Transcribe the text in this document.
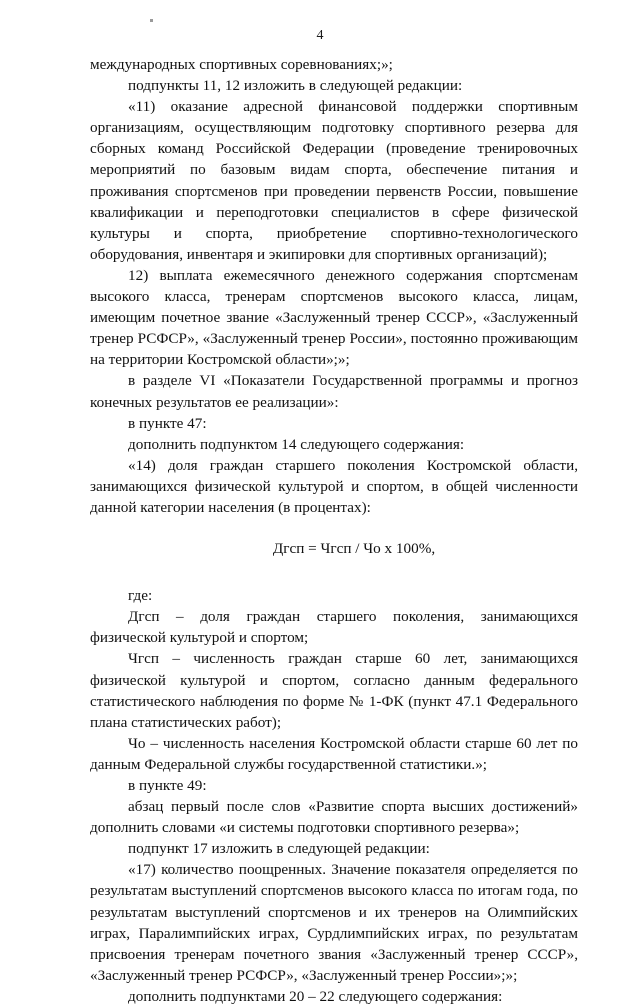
4

международных спортивных соревнованиях;»;

подпункты 11, 12 изложить в следующей редакции:

«11) оказание адресной финансовой поддержки спортивным организациям, осуществляющим подготовку спортивного резерва для сборных команд Российской Федерации (проведение тренировочных мероприятий по базовым видам спорта, обеспечение питания и проживания спортсменов при проведении первенств России, повышение квалификации и переподготовки специалистов в сфере физической культуры и спорта, приобретение спортивно-технологического оборудования, инвентаря и экипировки для спортивных организаций);

12) выплата ежемесячного денежного содержания спортсменам высокого класса, тренерам спортсменов высокого класса, лицам, имеющим почетное звание «Заслуженный тренер СССР», «Заслуженный тренер РСФСР», «Заслуженный тренер России», постоянно проживающим на территории Костромской области»;»;

в разделе VI «Показатели Государственной программы и прогноз конечных результатов ее реализации»:

в пункте 47:

дополнить подпунктом 14 следующего содержания:

«14) доля граждан старшего поколения Костромской области, занимающихся физической культурой и спортом, в общей численности данной категории населения (в процентах):

Дгсп = Чгсп / Чо х 100%,

где:

Дгсп – доля граждан старшего поколения, занимающихся физической культурой и спортом;

Чгсп – численность граждан старше 60 лет, занимающихся физической культурой и спортом, согласно данным федерального статистического наблюдения по форме № 1-ФК (пункт 47.1 Федерального плана статистических работ);

Чо – численность населения Костромской области старше 60 лет по данным Федеральной службы государственной статистики.»;

в пункте 49:

абзац первый после слов «Развитие спорта высших достижений» дополнить словами «и системы подготовки спортивного резерва»;

подпункт 17 изложить в следующей редакции:

«17) количество поощренных. Значение показателя определяется по результатам выступлений спортсменов высокого класса по итогам года, по результатам выступлений спортсменов и их тренеров на Олимпийских играх, Паралимпийских играх, Сурдлимпийских играх, по результатам присвоения тренерам почетного звания «Заслуженный тренер СССР», «Заслуженный тренер РСФСР», «Заслуженный тренер России»;»;

дополнить подпунктами 20 – 22 следующего содержания:
